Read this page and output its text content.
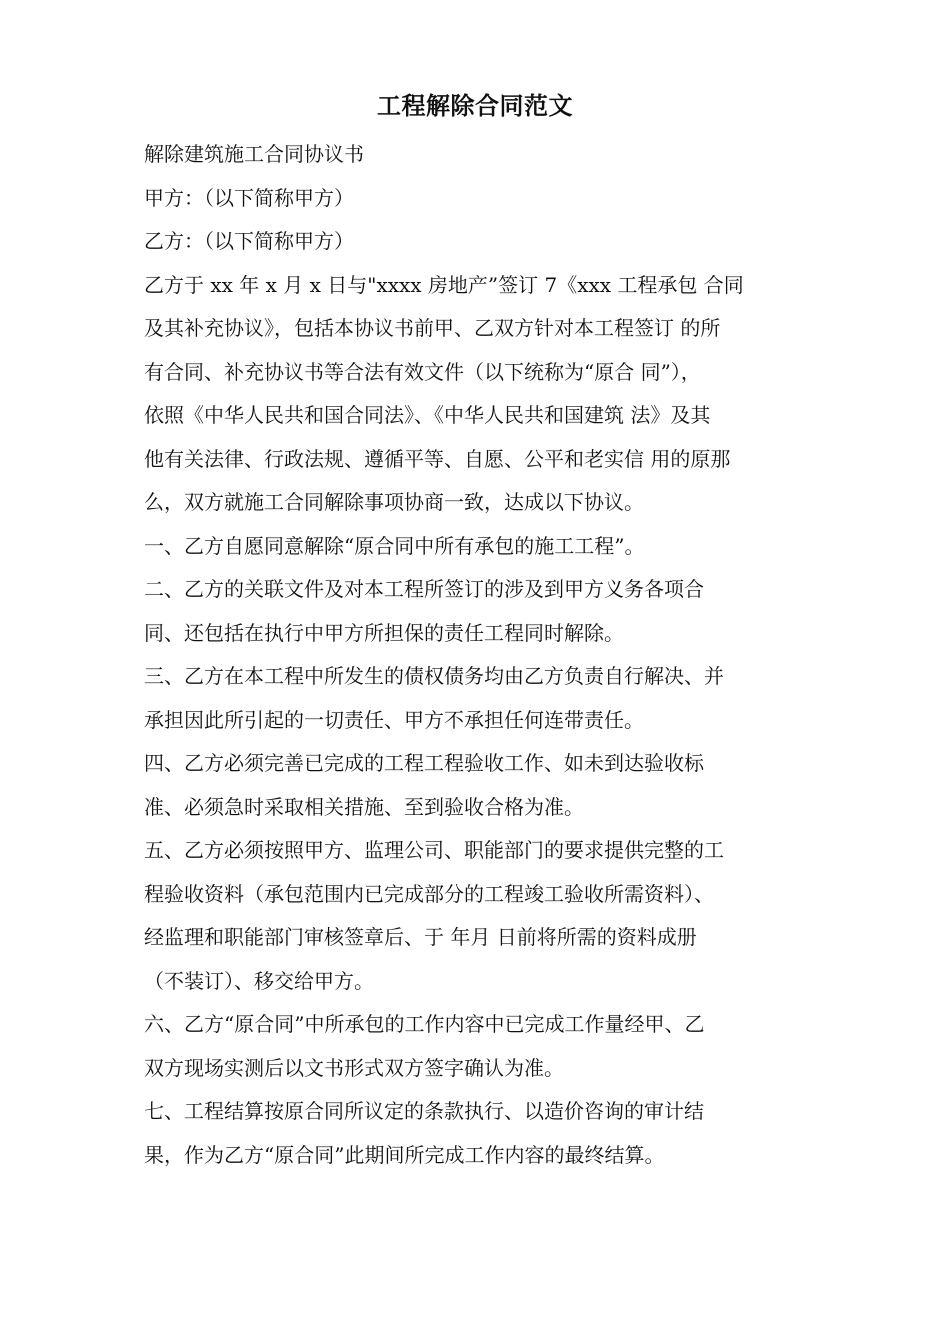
工程解除合同范文
解除建筑施工合同协议书
甲方：（以下简称甲方）
乙方：（以下简称甲方）
乙方于 xx 年 x 月 x 日与"xxxx 房地产”签订 7《xxx 工程承包 合同
及其补充协议》，包括本协议书前甲、乙双方针对本工程签订 的所
有合同、补充协议书等合法有效文件（以下统称为“原合 同”），
依照《中华人民共和国合同法》、《中华人民共和国建筑 法》及其
他有关法律、行政法规、遵循平等、自愿、公平和老实信 用的原那
么，双方就施工合同解除事项协商一致，达成以下协议。
一、乙方自愿同意解除“原合同中所有承包的施工工程”。
二、乙方的关联文件及对本工程所签订的涉及到甲方义务各项合
同、还包括在执行中甲方所担保的责任工程同时解除。
三、乙方在本工程中所发生的债权债务均由乙方负责自行解决、并
承担因此所引起的一切责任、甲方不承担任何连带责任。
四、乙方必须完善已完成的工程工程验收工作、如未到达验收标
准、必须急时采取相关措施、至到验收合格为准。
五、乙方必须按照甲方、监理公司、职能部门的要求提供完整的工
程验收资料（承包范围内已完成部分的工程竣工验收所需资料）、
经监理和职能部门审核签章后、于 年月 日前将所需的资料成册
（不装订）、移交给甲方。
六、乙方“原合同”中所承包的工作内容中已完成工作量经甲、乙
双方现场实测后以文书形式双方签字确认为准。
七、工程结算按原合同所议定的条款执行、以造价咨询的审计结
果，作为乙方“原合同”此期间所完成工作内容的最终结算。
